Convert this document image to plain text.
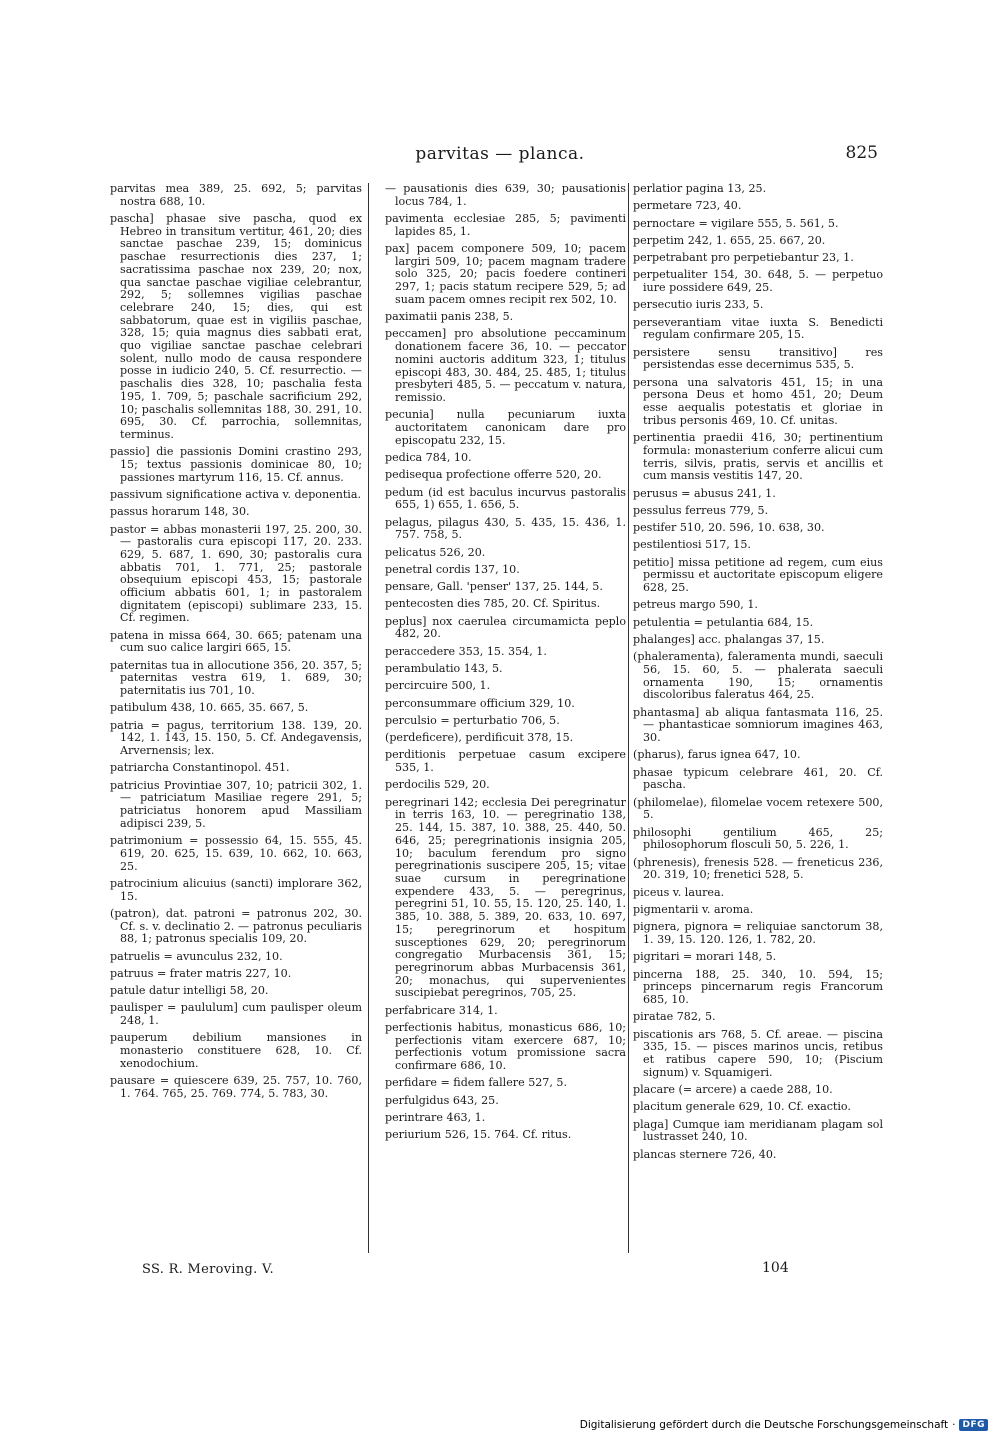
parvitas — planca.	825
parvitas mea 389, 25. 692, 5; parvitas nostra 688, 10.
pascha] phasae sive pascha, quod ex Hebreo in transitum vertitur, 461, 20; dies sanctae paschae 239, 15; dominicus paschae resurrectionis dies 237, 1; sacratissima paschae nox 239, 20; nox, qua sanctae paschae vigiliae celebrantur, 292, 5; sollemnes vigilias paschae celebrare 240, 15; dies, qui est sabbatorum, quae est in vigiliis paschae, 328, 15; quia magnus dies sabbati erat, quo vigiliae sanctae paschae celebrari solent, nullo modo de causa respondere posse in iudicio 240, 5. Cf. resurrectio. — paschalis dies 328, 10; paschalia festa 195, 1. 709, 5; paschale sacrificium 292, 10; paschalis sollemnitas 188, 30. 291, 10. 695, 30. Cf. parrochia, sollemnitas, terminus.
passio] die passionis Domini crastino 293, 15; textus passionis dominicae 80, 10; passiones martyrum 116, 15. Cf. annus.
passivum significatione activa v. deponentia.
passus horarum 148, 30.
pastor = abbas monasterii 197, 25. 200, 30. — pastoralis cura episcopi 117, 20. 233. 629, 5. 687, 1. 690, 30; pastoralis cura abbatis 701, 1. 771, 25; pastorale obsequium episcopi 453, 15; pastorale officium abbatis 601, 1; in pastoralem dignitatem (episcopi) sublimare 233, 15. Cf. regimen.
patena in missa 664, 30. 665; patenam una cum suo calice largiri 665, 15.
paternitas tua in allocutione 356, 20. 357, 5; paternitas vestra 619, 1. 689, 30; paternitatis ius 701, 10.
patibulum 438, 10. 665, 35. 667, 5.
patria = pagus, territorium 138. 139, 20. 142, 1. 143, 15. 150, 5. Cf. Andegavensis, Arvernensis; lex.
patriarcha Constantinopol. 451.
patricius Provintiae 307, 10; patricii 302, 1. — patriciatum Masiliae regere 291, 5; patriciatus honorem apud Massiliam adipisci 239, 5.
patrimonium = possessio 64, 15. 555, 45. 619, 20. 625, 15. 639, 10. 662, 10. 663, 25.
patrocinium alicuius (sancti) implorare 362, 15.
(patron), dat. patroni = patronus 202, 30. Cf. s. v. declinatio 2. — patronus peculiaris 88, 1; patronus specialis 109, 20.
patruelis = avunculus 232, 10.
patruus = frater matris 227, 10.
patule datur intelligi 58, 20.
paulisper = paululum] cum paulisper oleum 248, 1.
pauperum debilium mansiones in monasterio constituere 628, 10. Cf. xenodochium.
pausare = quiescere 639, 25. 757, 10. 760, 1. 764. 765, 25. 769. 774, 5. 783, 30.
— pausationis dies 639, 30; pausationis locus 784, 1.
pavimenta ecclesiae 285, 5; pavimenti lapides 85, 1.
pax] pacem componere 509, 10; pacem largiri 509, 10; pacem magnam tradere solo 325, 20; pacis foedere contineri 297, 1; pacis statum recipere 529, 5; ad suam pacem omnes recipit rex 502, 10.
paximatii panis 238, 5.
peccamen] pro absolutione peccaminum donationem facere 36, 10. — peccator nomini auctoris additum 323, 1; titulus episcopi 483, 30. 484, 25. 485, 1; titulus presbyteri 485, 5. — peccatum v. natura, remissio.
pecunia] nulla pecuniarum iuxta auctoritatem canonicam dare pro episcopatu 232, 15.
pedica 784, 10.
pedisequa profectione offerre 520, 20.
pedum (id est baculus incurvus pastoralis 655, 1) 655, 1. 656, 5.
pelagus, pilagus 430, 5. 435, 15. 436, 1. 757. 758, 5.
pelicatus 526, 20.
penetral cordis 137, 10.
pensare, Gall. 'penser' 137, 25. 144, 5.
pentecosten dies 785, 20. Cf. Spiritus.
peplus] nox caerulea circumamicta peplo 482, 20.
peraccedere 353, 15. 354, 1.
perambulatio 143, 5.
percircuire 500, 1.
perconsummare officium 329, 10.
perculsio = perturbatio 706, 5.
(perdeficere), perdificuit 378, 15.
perditionis perpetuae casum excipere 535, 1.
perdocilis 529, 20.
peregrinari 142; ecclesia Dei peregrinatur in terris 163, 10. — peregrinatio 138, 25. 144, 15. 387, 10. 388, 25. 440, 50. 646, 25; peregrinationis insignia 205, 10; baculum ferendum pro signo peregrinationis suscipere 205, 15; vitae suae cursum in peregrinatione expendere 433, 5. — peregrinus, peregrini 51, 10. 55, 15. 120, 25. 140, 1. 385, 10. 388, 5. 389, 20. 633, 10. 697, 15; peregrinorum et hospitum susceptiones 629, 20; peregrinorum congregatio Murbacensis 361, 15; peregrinorum abbas Murbacensis 361, 20; monachus, qui supervenientes suscipiebat peregrinos, 705, 25.
perfabricare 314, 1.
perfectionis habitus, monasticus 686, 10; perfectionis vitam exercere 687, 10; perfectionis votum promissione sacra confirmare 686, 10.
perfidare = fidem fallere 527, 5.
perfulgidus 643, 25.
perintrare 463, 1.
periurium 526, 15. 764. Cf. ritus.
perlatior pagina 13, 25.
permetare 723, 40.
pernoctare = vigilare 555, 5. 561, 5.
perpetim 242, 1. 655, 25. 667, 20.
perpetrabant pro perpetiebantur 23, 1.
perpetualiter 154, 30. 648, 5. — perpetuo iure possidere 649, 25.
persecutio iuris 233, 5.
perseverantiam vitae iuxta S. Benedicti regulam confirmare 205, 15.
persistere sensu transitivo] res persistendas esse decernimus 535, 5.
persona una salvatoris 451, 15; in una persona Deus et homo 451, 20; Deum esse aequalis potestatis et gloriae in tribus personis 469, 10. Cf. unitas.
pertinentia praedii 416, 30; pertinentium formula: monasterium conferre alicui cum terris, silvis, pratis, servis et ancillis et cum mansis vestitis 147, 20.
perusus = abusus 241, 1.
pessulus ferreus 779, 5.
pestifer 510, 20. 596, 10. 638, 30.
pestilentiosi 517, 15.
petitio] missa petitione ad regem, cum eius permissu et auctoritate episcopum eligere 628, 25.
petreus margo 590, 1.
petulentia = petulantia 684, 15.
phalanges] acc. phalangas 37, 15.
(phaleramenta), faleramenta mundi, saeculi 56, 15. 60, 5. — phalerata saeculi ornamenta 190, 15; ornamentis discoloribus faleratus 464, 25.
phantasma] ab aliqua fantasmata 116, 25. — phantasticae somniorum imagines 463, 30.
(pharus), farus ignea 647, 10.
phasae typicum celebrare 461, 20. Cf. pascha.
(philomelae), filomelae vocem retexere 500, 5.
philosophi gentilium 465, 25; philosophorum flosculi 50, 5. 226, 1.
(phrenesis), frenesis 528. — freneticus 236, 20. 319, 10; frenetici 528, 5.
piceus v. laurea.
pigmentarii v. aroma.
pignera, pignora = reliquiae sanctorum 38, 1. 39, 15. 120. 126, 1. 782, 20.
pigritari = morari 148, 5.
pincerna 188, 25. 340, 10. 594, 15; princeps pincernarum regis Francorum 685, 10.
piratae 782, 5.
piscationis ars 768, 5. Cf. areae. — piscina 335, 15. — pisces marinos uncis, retibus et ratibus capere 590, 10; (Piscium signum) v. Squamigeri.
placare (= arcere) a caede 288, 10.
placitum generale 629, 10. Cf. exactio.
plaga] Cumque iam meridianam plagam sol lustrasset 240, 10.
plancas sternere 726, 40.
SS. R. Meroving. V.	104
Digitalisierung gefördert durch die Deutsche Forschungsgemeinschaft · DFG
